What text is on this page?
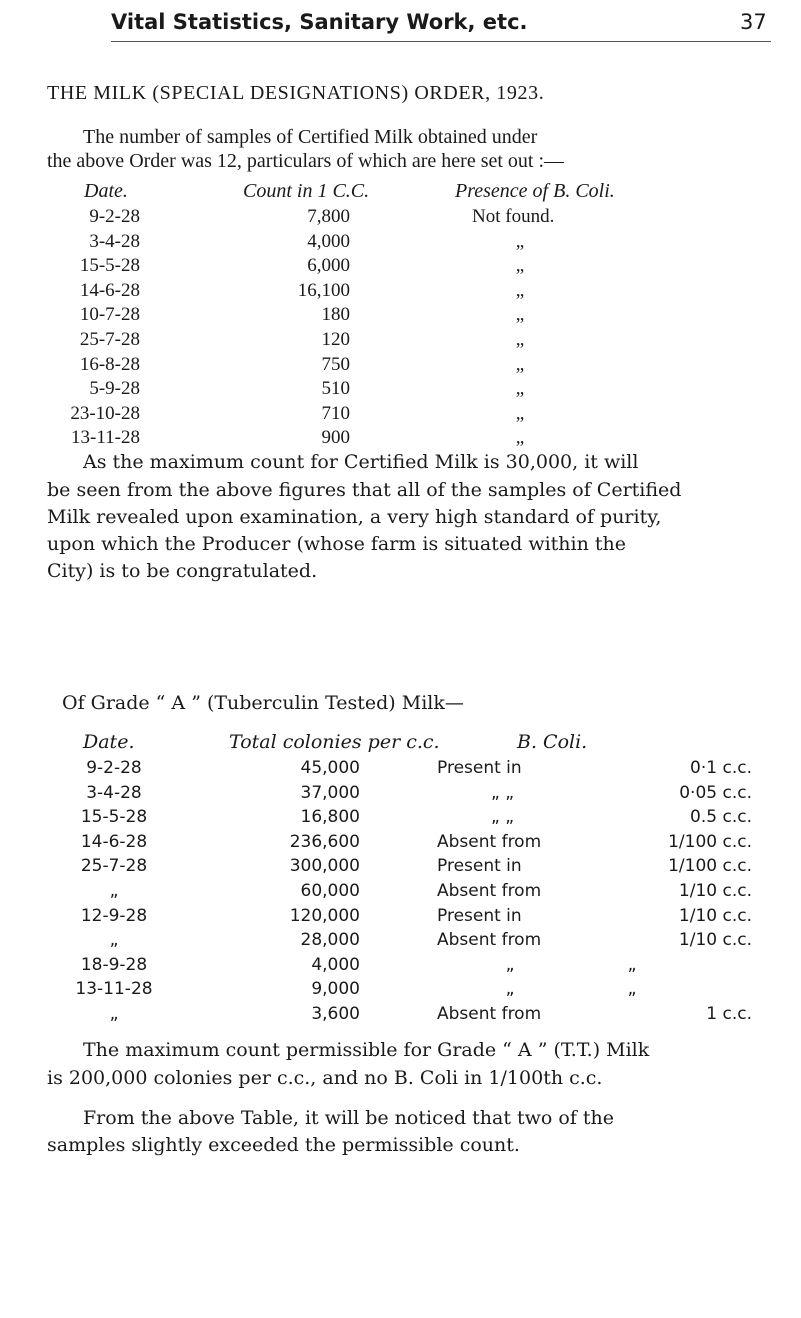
Vital Statistics, Sanitary Work, etc.	37
THE MILK (SPECIAL DESIGNATIONS) ORDER, 1923.
The number of samples of Certified Milk obtained under
the above Order was 12, particulars of which are here set out :—
Date.	Count in 1 C.C.	Presence of B. Coli.
9-2-28	7,800	Not found.
3-4-28	4,000	„
15-5-28	6,000	„
14-6-28	16,100	„
10-7-28	180	„
25-7-28	120	„
16-8-28	750	„
5-9-28	510	„
23-10-28	710	„
13-11-28	900	„
As the maximum count for Certified Milk is 30,000, it will
be seen from the above figures that all of the samples of Certified
Milk revealed upon examination, a very high standard of purity,
upon which the Producer (whose farm is situated within the
City) is to be congratulated.
Of Grade “ A ” (Tuberculin Tested) Milk—
Date.	Total colonies per c.c.	B. Coli.
9-2-28	45,000	Present in	0·1 c.c.
3-4-28	37,000	„ „	0·05 c.c.
15-5-28	16,800	„ „	0.5 c.c.
14-6-28	236,600	Absent from	1/100 c.c.
25-7-28	300,000	Present in	1/100 c.c.
„	60,000	Absent from	1/10 c.c.
12-9-28	120,000	Present in	1/10 c.c.
„	28,000	Absent from	1/10 c.c.
18-9-28	4,000	„	„
13-11-28	9,000	„	„
„	3,600	Absent from	1 c.c.
The maximum count permissible for Grade “ A ” (T.T.) Milk
is 200,000 colonies per c.c., and no B. Coli in 1/100th c.c.
From the above Table, it will be noticed that two of the
samples slightly exceeded the permissible count.
